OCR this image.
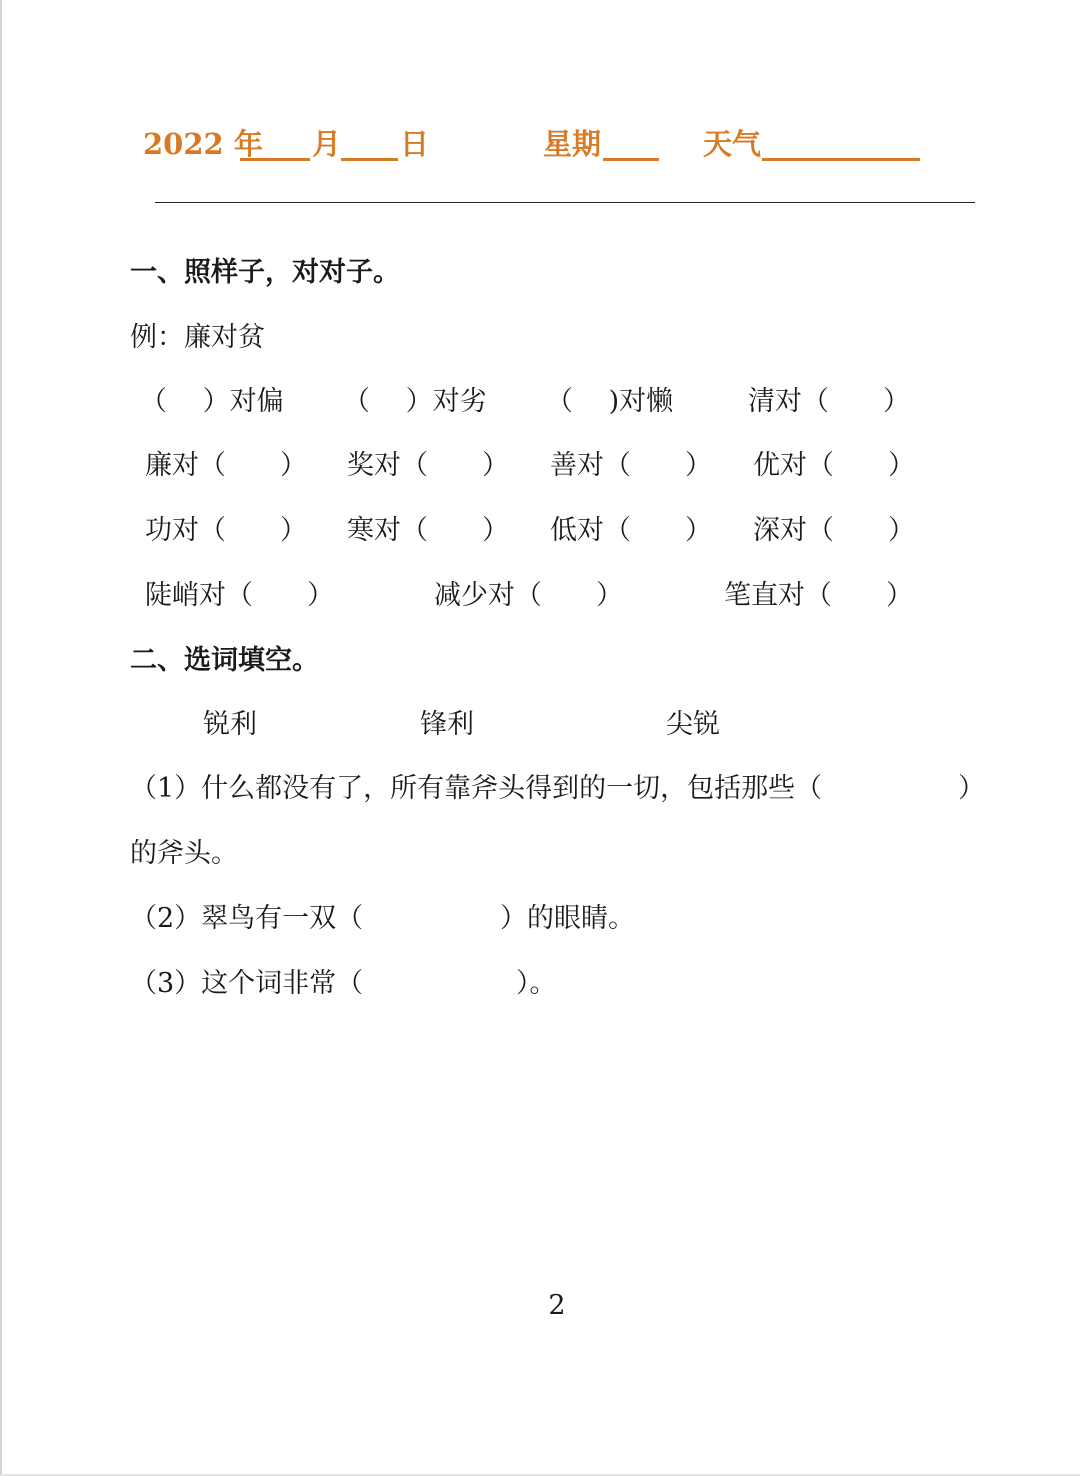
2022 年 月 日	星期	天气
一、照样子，对对子。
例：廉对贫
（　 ）对偏 （　 ）对劣 （　 )对懒	清对（　　）
廉对（　　） 奖对（　　） 善对（　　） 优对（　　）
功对（　　） 寒对（　　） 低对（　　） 深对（　　）
陡峭对（　　）	减少对（　　）	笔直对（　　）
二、选词填空。
锐利	锋利	尖锐
（1）什么都没有了，所有靠斧头得到的一切，包括那些（	）
的斧头。
（2）翠鸟有一双（	）的眼睛。
（3）这个词非常（	）。
2
